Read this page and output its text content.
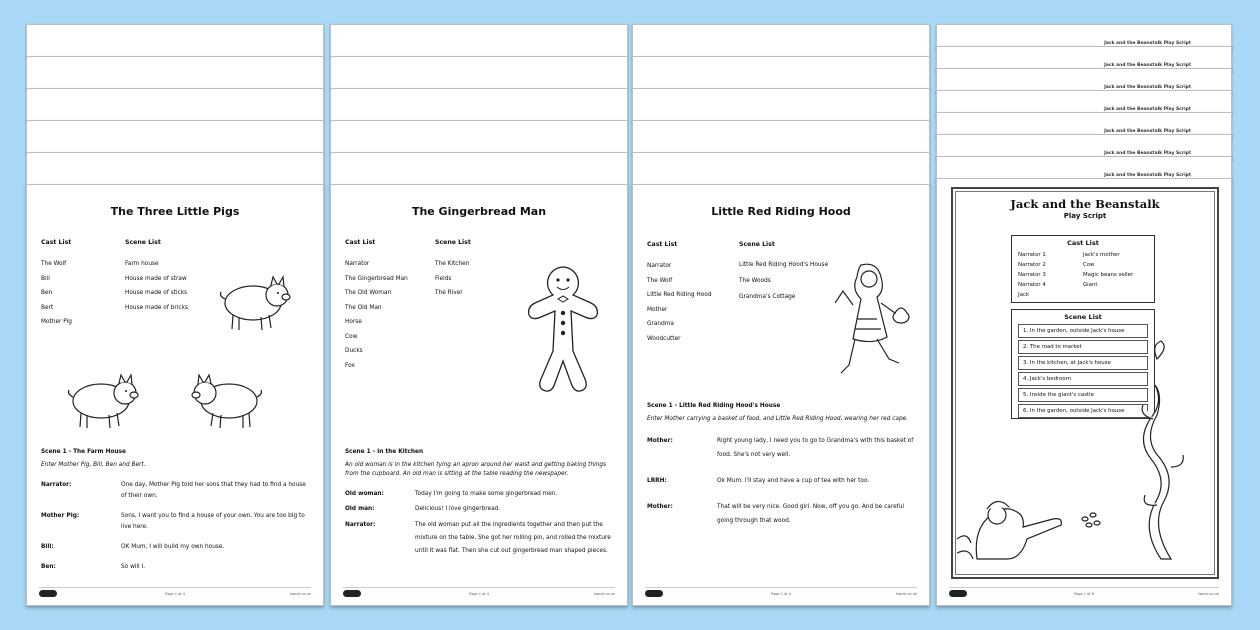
The Three Little Pigs
Cast List	Scene List
The Wolf
Bill
Ben
Bert
Mother Pig
Farm house
House made of straw
House made of sticks
House made of bricks
Scene 1 - The Farm House
Enter Mother Pig, Bill, Ben and Bert.
Narrator:	One day, Mother Pig told her sons that they had to find a house of their own.
Mother Pig:	Sons, I want you to find a house of your own. You are too big to live here.
Bill:	OK Mum, I will build my own house.
Ben:	So will I.
Page 1 of 4	twinkl.co.uk
The Gingerbread Man
Cast List	Scene List
Narrator
The Gingerbread Man
The Old Woman
The Old Man
Horse
Cow
Ducks
Fox
The Kitchen
Fields
The River
Scene 1 - In the Kitchen
An old woman is in the kitchen tying an apron around her waist and getting baking things from the cupboard. An old man is sitting at the table reading the newspaper.
Old woman:	Today I'm going to make some gingerbread men.
Old man:	Delicious! I love gingerbread.
Narrator:	The old woman put all the ingredients together and then put the mixture on the table. She got her rolling pin, and rolled the mixture until it was flat. Then she cut out gingerbread man shaped pieces.
Page 1 of 4	twinkl.co.uk
Little Red Riding Hood
Cast List	Scene List
Narrator
The Wolf
Little Red Riding Hood
Mother
Grandma
Woodcutter
Little Red Riding Hood's House
The Woods
Grandma's Cottage
Scene 1 - Little Red Riding Hood's House
Enter Mother carrying a basket of food, and Little Red Riding Hood, wearing her red cape.
Mother:	Right young lady, I need you to go to Grandma's with this basket of food. She's not very well.
LRRH:	Ok Mum. I'll stay and have a cup of tea with her too.
Mother:	That will be very nice. Good girl. Now, off you go. And be careful going through that wood.
Page 1 of 4	twinkl.co.uk
Jack and the Beanstalk Play Script
Jack and the Beanstalk Play Script
Jack and the Beanstalk Play Script
Jack and the Beanstalk Play Script
Jack and the Beanstalk Play Script
Jack and the Beanstalk Play Script
Jack and the Beanstalk Play Script
Jack and the Beanstalk
Play Script
Cast List
Narrator 1	Jack's mother
Narrator 2	Cow
Narrator 3	Magic beans seller
Narrator 4	Giant
Jack
Scene List
1. In the garden, outside Jack's house
2. The road to market
3. In the kitchen, at Jack's house
4. Jack's bedroom
5. Inside the giant's castle
6. In the garden, outside Jack's house
Page 1 of 6	twinkl.co.uk
